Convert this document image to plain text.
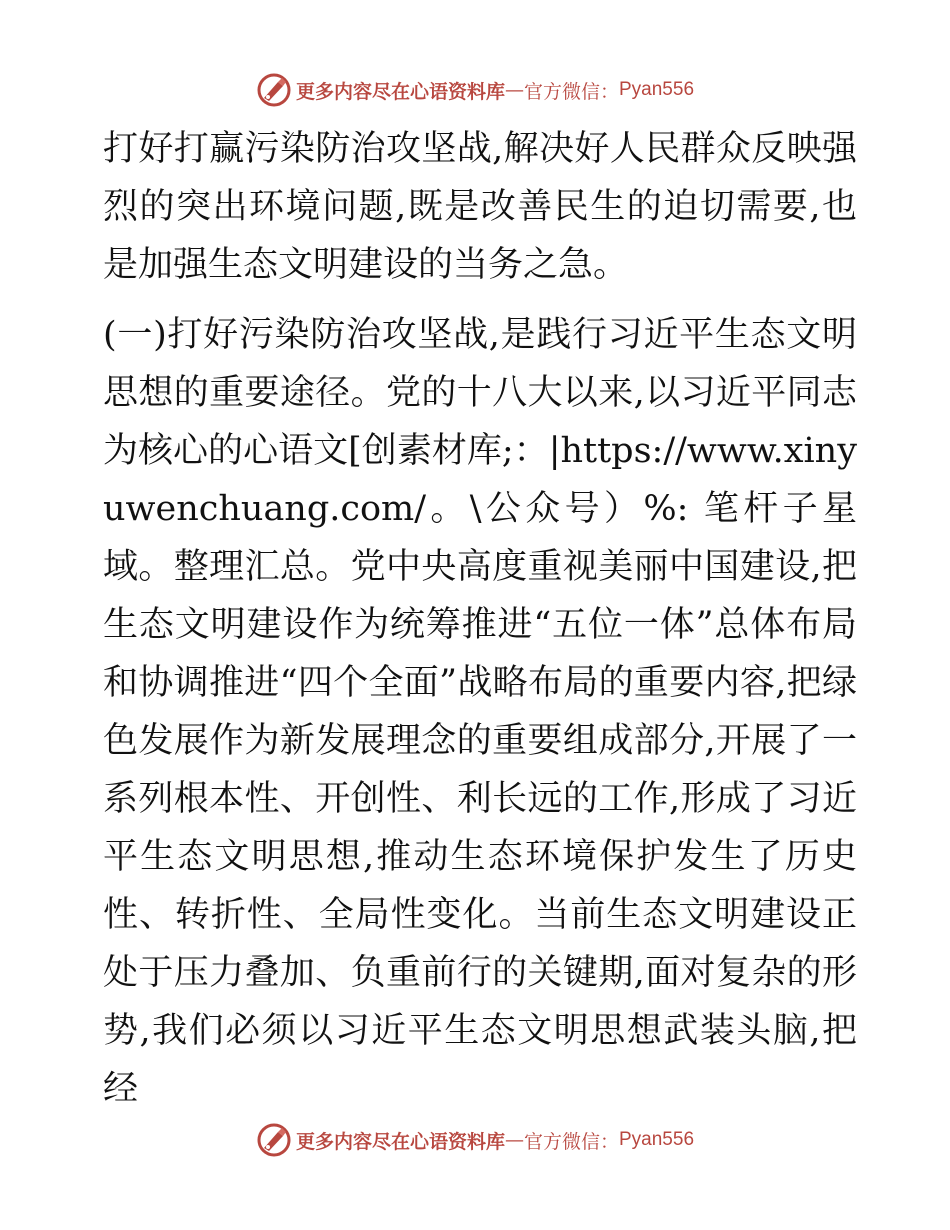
更多内容尽在心语资料库 — 官方微信： Pyan556

打好打赢污染防治攻坚战,解决好人民群众反映强烈的突出环境问题,既是改善民生的迫切需要,也是加强生态文明建设的当务之急。

(一)打好污染防治攻坚战,是践行习近平生态文明思想的重要途径。党的十八大以来,以习近平同志为核心的心语文[创素材库;：|https://www.xinyuwenchuang.com/。\公众号）%: 笔杆子星域。整理汇总。党中央高度重视美丽中国建设,把生态文明建设作为统筹推进“五位一体”总体布局和协调推进“四个全面”战略布局的重要内容,把绿色发展作为新发展理念的重要组成部分,开展了一系列根本性、开创性、利长远的工作,形成了习近平生态文明思想,推动生态环境保护发生了历史性、转折性、全局性变化。当前生态文明建设正处于压力叠加、负重前行的关键期,面对复杂的形势,我们必须以习近平生态文明思想武装头脑,把经

更多内容尽在心语资料库 — 官方微信： Pyan556
